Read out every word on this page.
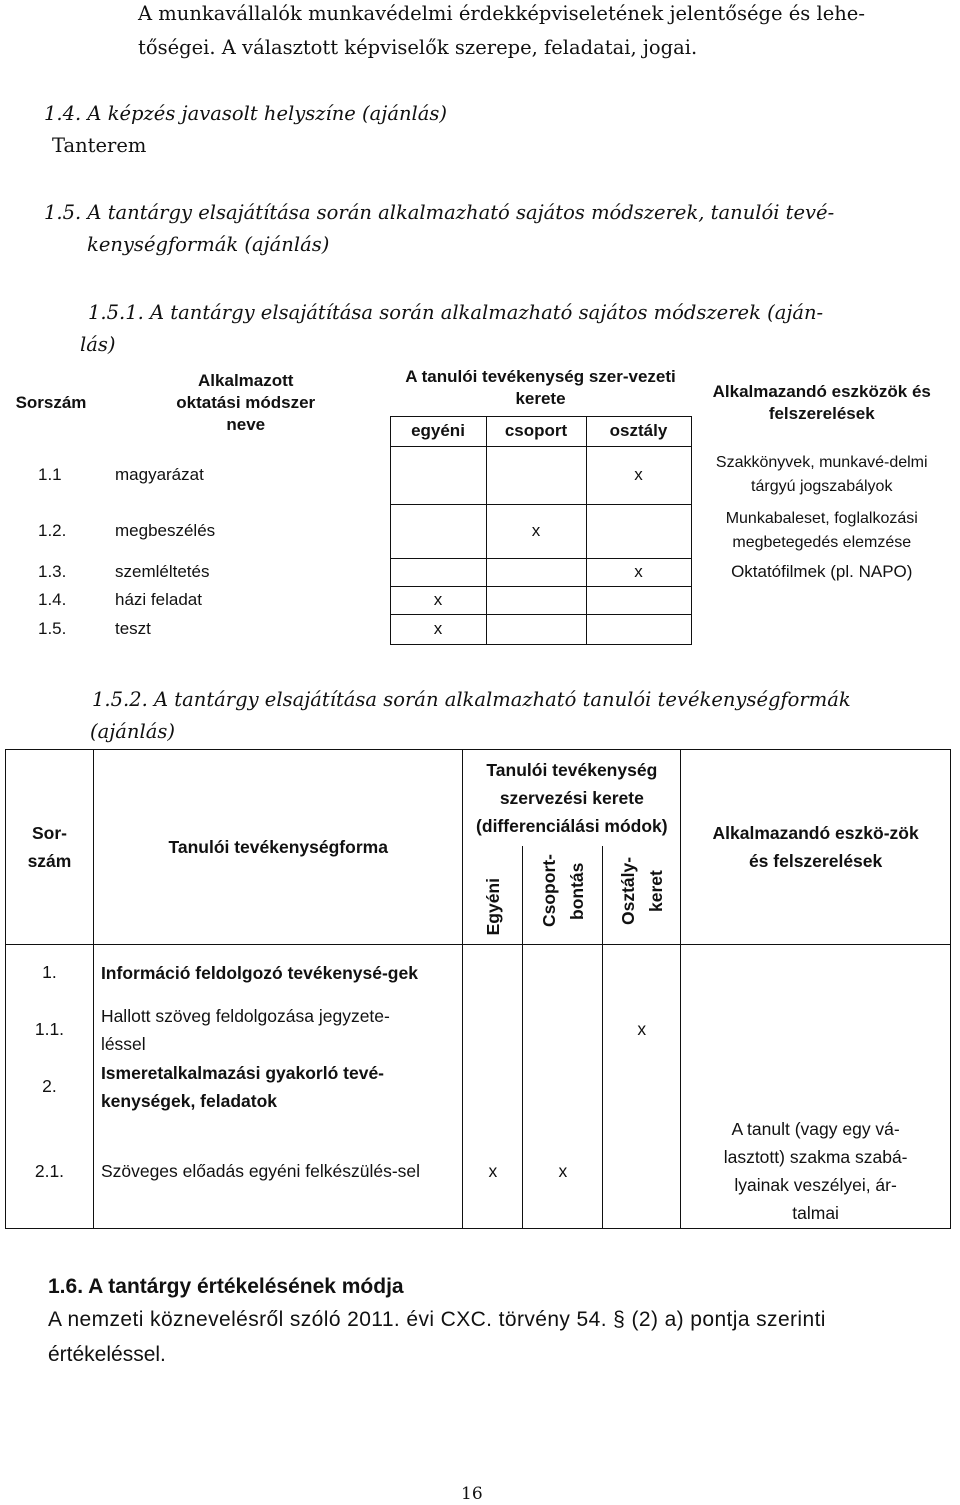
A munkavállalók munkavédelmi érdekképviseletének jelentősége és lehe-
tőségei. A választott képviselők szerepe, feladatai, jogai.
1.4. A képzés javasolt helyszíne (ajánlás)
Tanterem
1.5. A tantárgy elsajátítása során alkalmazható sajátos módszerek, tanulói tevé-
kenységformák (ajánlás)
1.5.1. A tantárgy elsajátítása során alkalmazható sajátos módszerek (aján-
lás)
Sorszám	Alkalmazott oktatási módszer neve	A tanulói tevékenység szer-vezeti kerete			Alkalmazandó eszközök és felszerelések
		egyéni	csoport	osztály	
1.1	magyarázat			x	Szakkönyvek, munkavé-delmi tárgyú jogszabályok
1.2.	megbeszélés		x		Munkabaleset, foglalkozási megbetegedés elemzése
1.3.	szemléltetés			x	Oktatófilmek (pl. NAPO)
1.4.	házi feladat	x			
1.5.	teszt	x			
1.5.2. A tantárgy elsajátítása során alkalmazható tanulói tevékenységformák
(ajánlás)
Sor-szám	Tanulói tevékenységforma	Tanulói tevékenység szervezési kerete (differenciálási módok)			Alkalmazandó eszkö-zök és felszerelések
		Egyéni	Csoport-bontás	Osztály-keret	
1.	Információ feldolgozó tevékenysé-gek				
1.1.	Hallott szöveg feldolgozása jegyzete-léssel			x	
2.	Ismeretalkalmazási gyakorló tevé-kenységek, feladatok				
2.1.	Szöveges előadás egyéni felkészülés-sel	x	x		A tanult (vagy egy vá-lasztott) szakma szabá-lyainak veszélyei, ár-talmai
1.6. A tantárgy értékelésének módja
A nemzeti köznevelésről szóló 2011. évi CXC. törvény 54. § (2) a) pontja szerinti
értékeléssel.
16
